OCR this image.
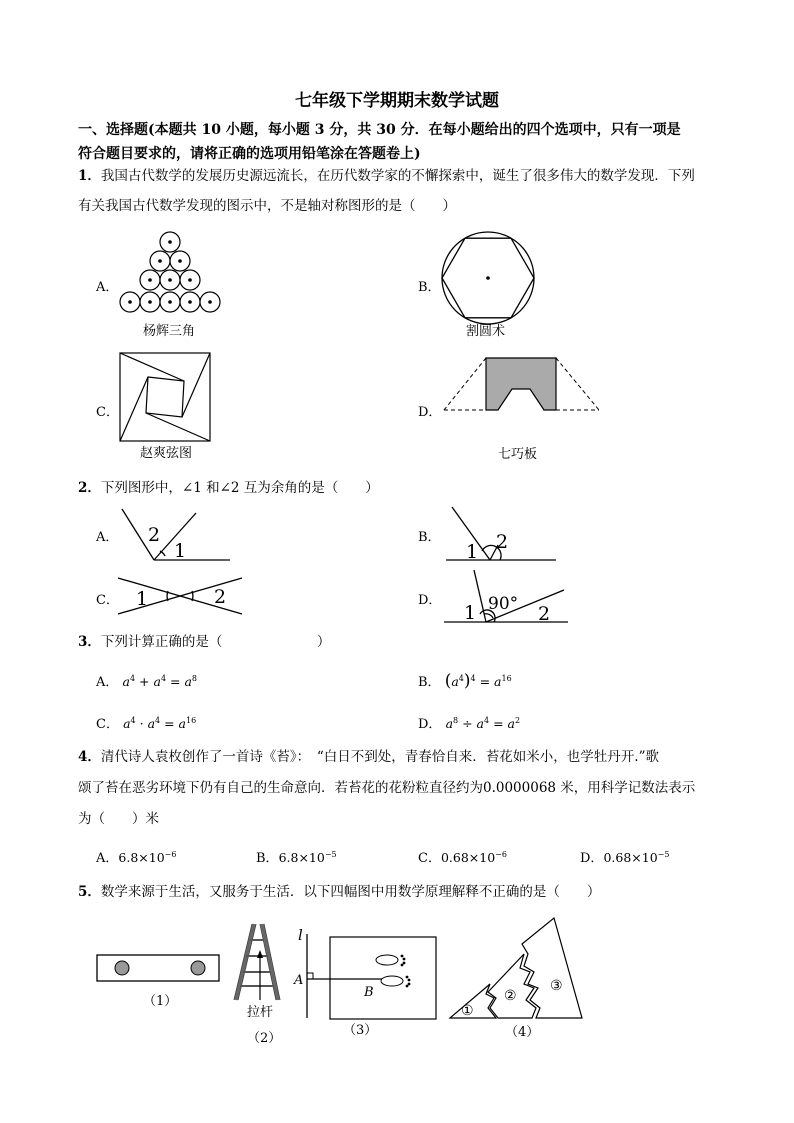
七年级下学期期末数学试题
一、选择题(本题共 10 小题，每小题 3 分，共 30 分．在每小题给出的四个选项中，只有一项是
符合题目要求的，请将正确的选项用铅笔涂在答题卷上)
1．我国古代数学的发展历史源远流长，在历代数学家的不懈探索中，诞生了很多伟大的数学发现．下列
有关我国古代数学发现的图示中，不是轴对称图形的是（　　）
A．	B．
C．	D．
杨辉三角	割圆术
赵爽弦图	七巧板
2．下列图形中，∠1 和∠2 互为余角的是（　　）
A．	B．
C．	D．
2
1	1 2
1	2
1 90° 2
3．下列计算正确的是（　　　　　　　）
A． $a^4 + a^4 = a^8$	B． $(a^4)^4 = a^{16}$
C． $a^4 \cdot a^4 = a^{16}$	D． $a^8 \div a^4 = a^2$
4．清代诗人袁枚创作了一首诗《苔》：　“白日不到处，青春恰自来．苔花如米小，也学牡丹开.”歌
颂了苔在恶劣环境下仍有自己的生命意向．若苔花的花粉粒直径约为0.0000068 米，用科学记数法表示
为（　　）米
A．$6.8\times 10^{-6}$	B．$6.8\times 10^{-5}$	C．$0.68\times 10^{-6}$	D．$0.68\times 10^{-5}$
5．数学来源于生活，又服务于生活．以下四幅图中用数学原理解释不正确的是（　　）
（1）
拉杆
（2）
l
A
B
（3）
①
②
③
（4）
